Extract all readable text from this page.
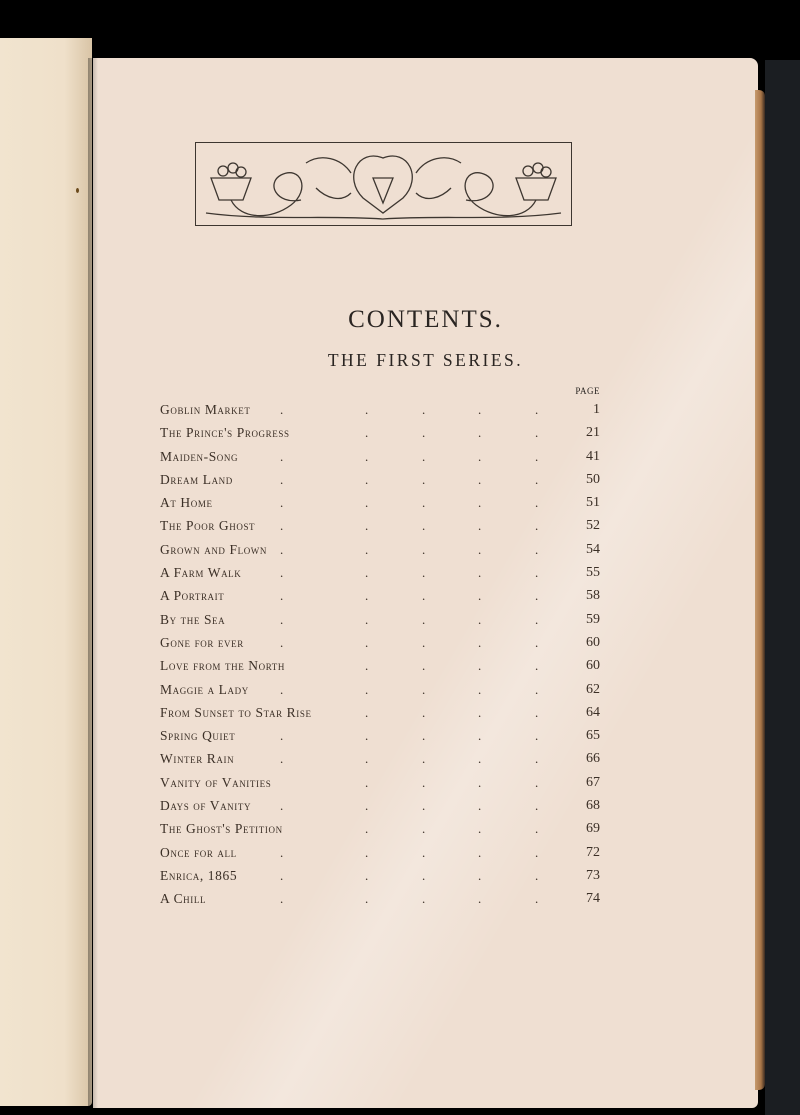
CONTENTS.
THE FIRST SERIES.
PAGE
Goblin Market .	.	.	.	.	1
The Prince's Progress	.	.	.	.	21
Maiden-Song	.	.	.	.	.	41
Dream Land	.	.	.	.	.	50
At Home	.	.	.	.	.	51
The Poor Ghost .	.	.	.	.	52
Grown and Flown .	.	.	.	.	54
A Farm Walk	.	.	.	.	.	55
A Portrait	.	.	.	.	.	58
By the Sea	.	.	.	.	.	59
Gone for ever	.	.	.	.	.	60
Love from the North	.	.	.	.	60
Maggie a Lady .	.	.	.	.	62
From Sunset to Star Rise	.	.	.	.	64
Spring Quiet	.	.	.	.	.	65
Winter Rain	.	.	.	.	.	66
Vanity of Vanities	.	.	.	.	67
Days of Vanity .	.	.	.	.	68
The Ghost's Petition	.	.	.	.	69
Once for all	.	.	.	.	.	72
Enrica, 1865	.	.	.	.	.	73
A Chill	.	.	.	.	.	74
